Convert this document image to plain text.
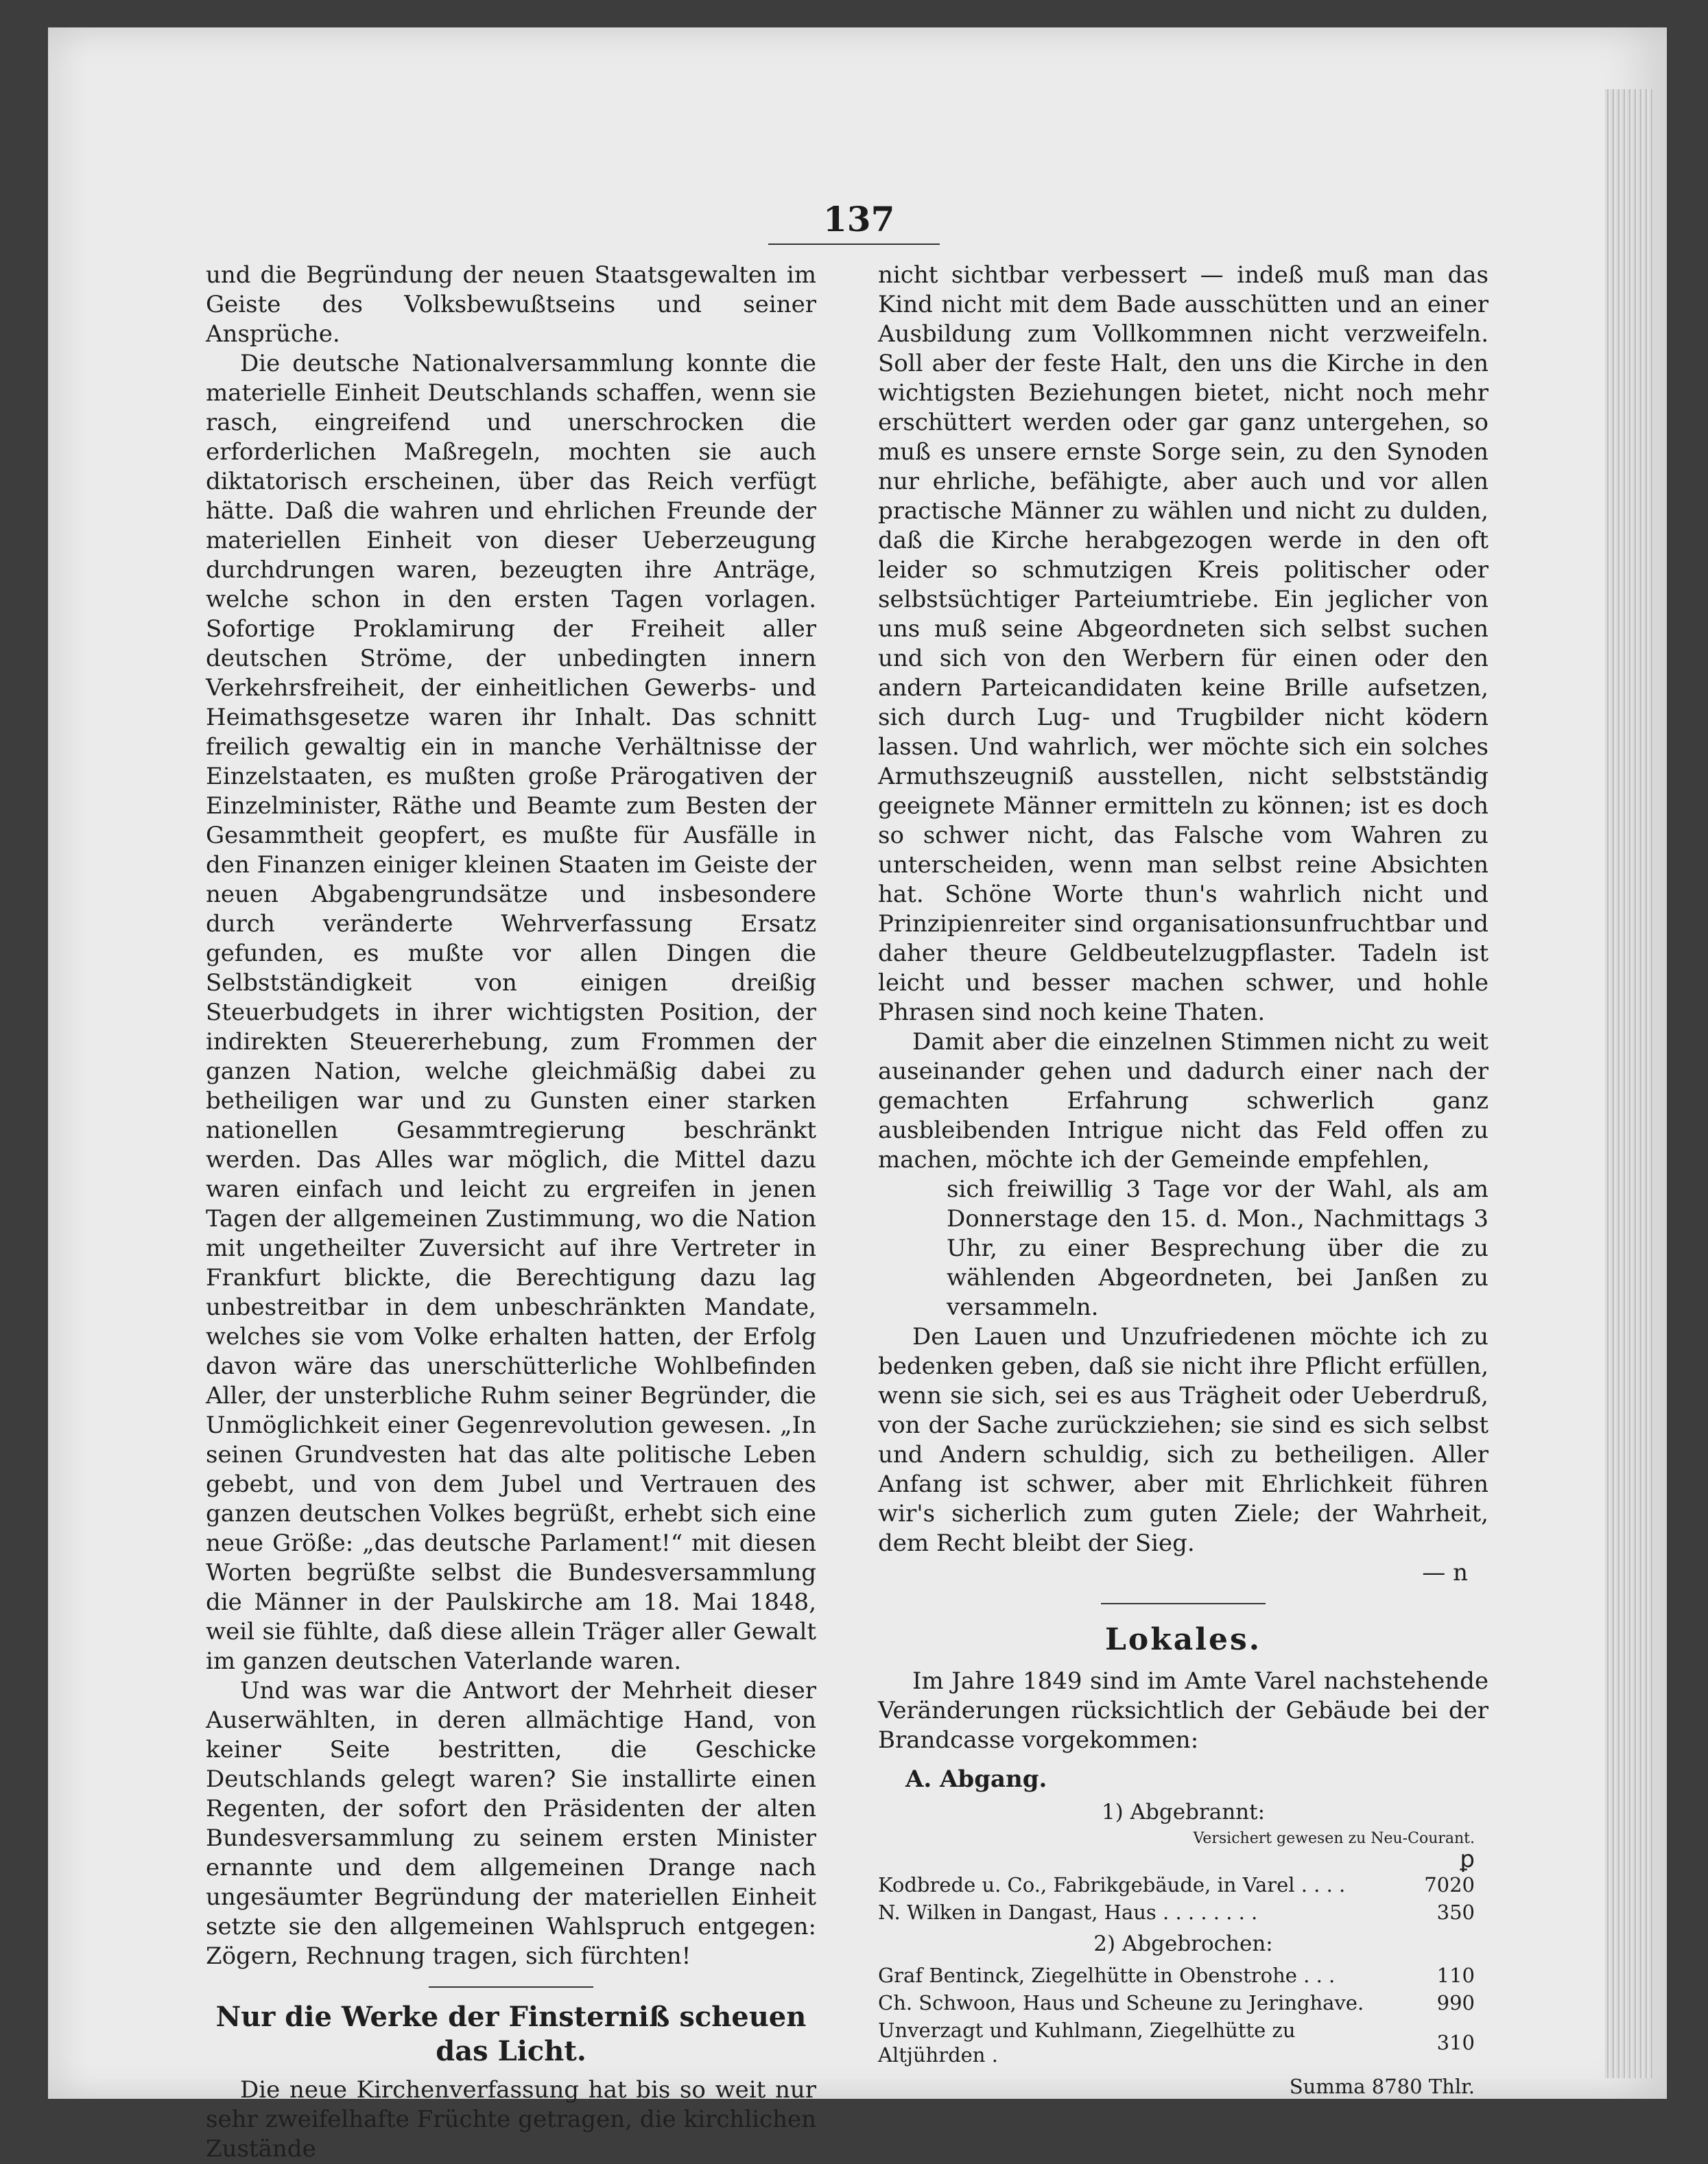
137

und die Begründung der neuen Staatsgewalten im Geiste des Volksbewußtseins und seiner Ansprüche.

Die deutsche Nationalversammlung konnte die materielle Einheit Deutschlands schaffen, wenn sie rasch, eingreifend und unerschrocken die erforderlichen Maßregeln, mochten sie auch diktatorisch erscheinen, über das Reich verfügt hätte. Daß die wahren und ehrlichen Freunde der materiellen Einheit von dieser Ueberzeugung durchdrungen waren, bezeugten ihre Anträge, welche schon in den ersten Tagen vorlagen. Sofortige Proklamirung der Freiheit aller deutschen Ströme, der unbedingten innern Verkehrsfreiheit, der einheitlichen Gewerbs- und Heimathsgesetze waren ihr Inhalt. Das schnitt freilich gewaltig ein in manche Verhältnisse der Einzelstaaten, es mußten große Prärogativen der Einzelminister, Räthe und Beamte zum Besten der Gesammtheit geopfert, es mußte für Ausfälle in den Finanzen einiger kleinen Staaten im Geiste der neuen Abgabengrundsätze und insbesondere durch veränderte Wehrverfassung Ersatz gefunden, es mußte vor allen Dingen die Selbstständigkeit von einigen dreißig Steuerbudgets in ihrer wichtigsten Position, der indirekten Steuererhebung, zum Frommen der ganzen Nation, welche gleichmäßig dabei zu betheiligen war und zu Gunsten einer starken nationellen Gesammtregierung beschränkt werden. Das Alles war möglich, die Mittel dazu waren einfach und leicht zu ergreifen in jenen Tagen der allgemeinen Zustimmung, wo die Nation mit ungetheilter Zuversicht auf ihre Vertreter in Frankfurt blickte, die Berechtigung dazu lag unbestreitbar in dem unbeschränkten Mandate, welches sie vom Volke erhalten hatten, der Erfolg davon wäre das unerschütterliche Wohlbefinden Aller, der unsterbliche Ruhm seiner Begründer, die Unmöglichkeit einer Gegenrevolution gewesen. „In seinen Grundvesten hat das alte politische Leben gebebt, und von dem Jubel und Vertrauen des ganzen deutschen Volkes begrüßt, erhebt sich eine neue Größe: „das deutsche Parlament!“ mit diesen Worten begrüßte selbst die Bundesversammlung die Männer in der Paulskirche am 18. Mai 1848, weil sie fühlte, daß diese allein Träger aller Gewalt im ganzen deutschen Vaterlande waren.

Und was war die Antwort der Mehrheit dieser Auserwählten, in deren allmächtige Hand, von keiner Seite bestritten, die Geschicke Deutschlands gelegt waren? Sie installirte einen Regenten, der sofort den Präsidenten der alten Bundesversammlung zu seinem ersten Minister ernannte und dem allgemeinen Drange nach ungesäumter Begründung der materiellen Einheit setzte sie den allgemeinen Wahlspruch entgegen: Zögern, Rechnung tragen, sich fürchten!

Nur die Werke der Finsterniß scheuen das Licht.

Die neue Kirchenverfassung hat bis so weit nur sehr zweifelhafte Früchte getragen, die kirchlichen Zustände

nicht sichtbar verbessert — indeß muß man das Kind nicht mit dem Bade ausschütten und an einer Ausbildung zum Vollkommnen nicht verzweifeln. Soll aber der feste Halt, den uns die Kirche in den wichtigsten Beziehungen bietet, nicht noch mehr erschüttert werden oder gar ganz untergehen, so muß es unsere ernste Sorge sein, zu den Synoden nur ehrliche, befähigte, aber auch und vor allen practische Männer zu wählen und nicht zu dulden, daß die Kirche herabgezogen werde in den oft leider so schmutzigen Kreis politischer oder selbstsüchtiger Parteiumtriebe. Ein jeglicher von uns muß seine Abgeordneten sich selbst suchen und sich von den Werbern für einen oder den andern Parteicandidaten keine Brille aufsetzen, sich durch Lug- und Trugbilder nicht ködern lassen. Und wahrlich, wer möchte sich ein solches Armuthszeugniß ausstellen, nicht selbstständig geeignete Männer ermitteln zu können; ist es doch so schwer nicht, das Falsche vom Wahren zu unterscheiden, wenn man selbst reine Absichten hat. Schöne Worte thun's wahrlich nicht und Prinzipienreiter sind organisationsunfruchtbar und daher theure Geldbeutelzugpflaster. Tadeln ist leicht und besser machen schwer, und hohle Phrasen sind noch keine Thaten.

Damit aber die einzelnen Stimmen nicht zu weit auseinander gehen und dadurch einer nach der gemachten Erfahrung schwerlich ganz ausbleibenden Intrigue nicht das Feld offen zu machen, möchte ich der Gemeinde empfehlen,

sich freiwillig 3 Tage vor der Wahl, als am Donnerstage den 15. d. Mon., Nachmittags 3 Uhr, zu einer Besprechung über die zu wählenden Abgeordneten, bei Janßen zu versammeln.

Den Lauen und Unzufriedenen möchte ich zu bedenken geben, daß sie nicht ihre Pflicht erfüllen, wenn sie sich, sei es aus Trägheit oder Ueberdruß, von der Sache zurückziehen; sie sind es sich selbst und Andern schuldig, sich zu betheiligen. Aller Anfang ist schwer, aber mit Ehrlichkeit führen wir's sicherlich zum guten Ziele; der Wahrheit, dem Recht bleibt der Sieg.

— n
Lokales.

Im Jahre 1849 sind im Amte Varel nachstehende Veränderungen rücksichtlich der Gebäude bei der Brandcasse vorgekommen:

A. Abgang.
1) Abgebrannt:
Versichert gewesen zu Neu-Courant.
ꝑ
Kodbrede u. Co., Fabrikgebäude, in Varel . . . .	7020
N. Wilken in Dangast, Haus . . . . . . . .	350
2) Abgebrochen:
Graf Bentinck, Ziegelhütte in Obenstrohe . . .	110
Ch. Schwoon, Haus und Scheune zu Jeringhave.	990
Unverzagt und Kuhlmann, Ziegelhütte zu Altjührden .	310
Summa 8780 Thlr.
